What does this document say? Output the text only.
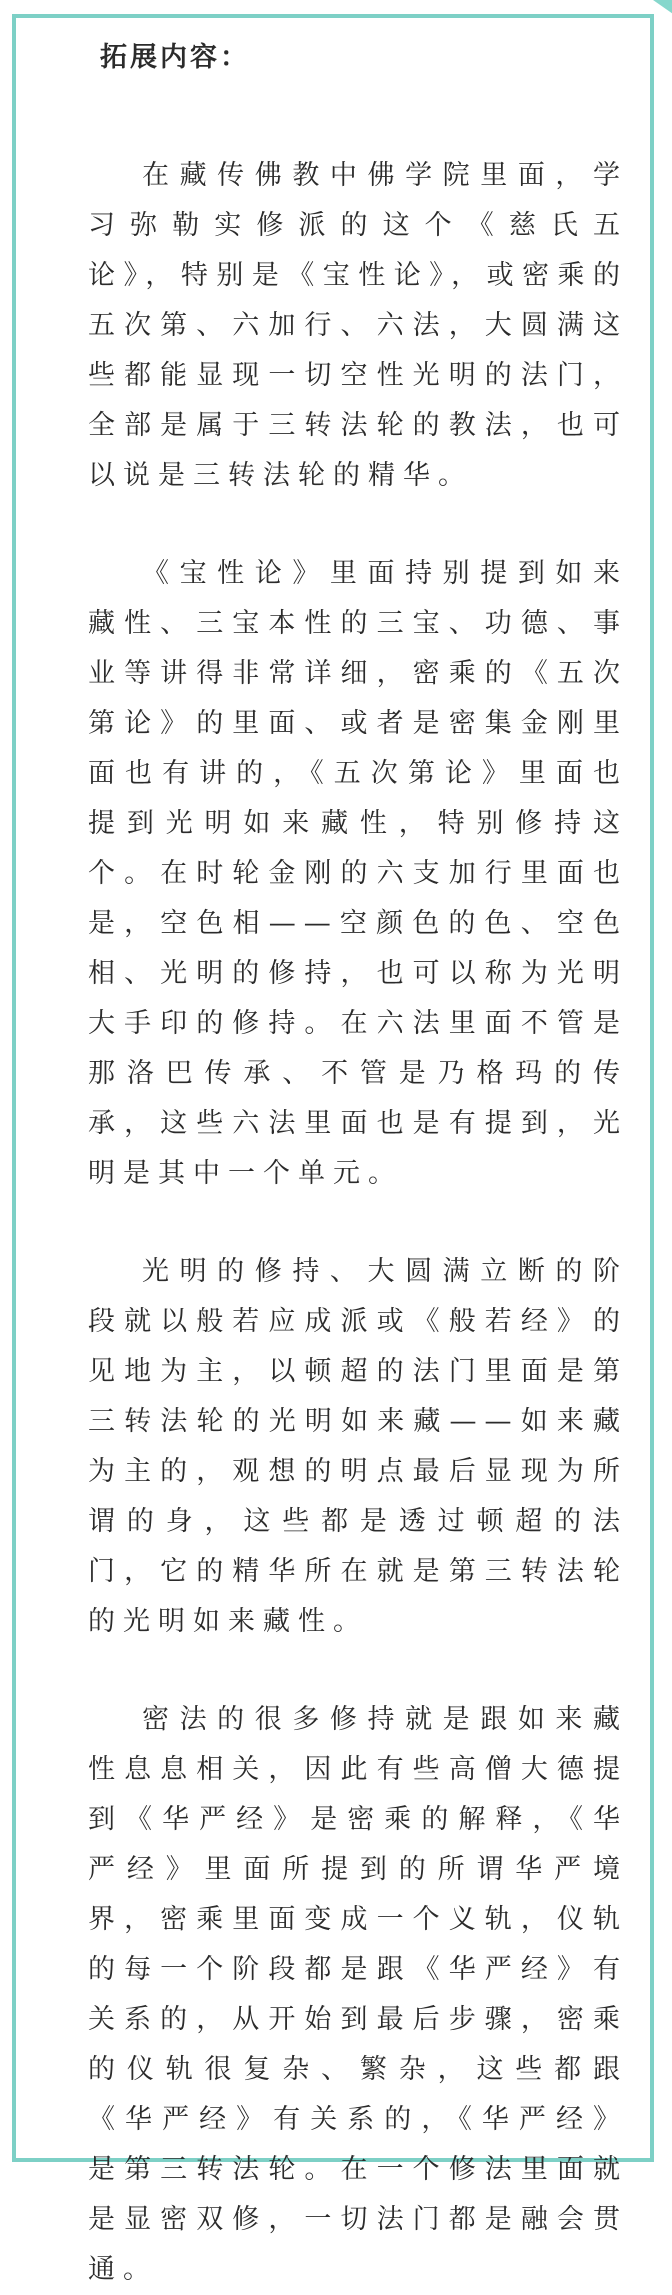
拓展内容：

在藏传佛教中佛学院里面，学习弥勒实修派的这个《慈氏五论》，特别是《宝性论》，或密乘的五次第、六加行、六法，大圆满这些都能显现一切空性光明的法门，全部是属于三转法轮的教法，也可以说是三转法轮的精华。

《宝性论》里面持别提到如来藏性、三宝本性的三宝、功德、事业等讲得非常详细，密乘的《五次第论》的里面、或者是密集金刚里面也有讲的，《五次第论》里面也提到光明如来藏性，特别修持这个。在时轮金刚的六支加行里面也是，空色相——空颜色的色、空色相、光明的修持，也可以称为光明大手印的修持。在六法里面不管是那洛巴传承、不管是乃格玛的传承，这些六法里面也是有提到，光明是其中一个单元。

光明的修持、大圆满立断的阶段就以般若应成派或《般若经》的见地为主，以顿超的法门里面是第三转法轮的光明如来藏——如来藏为主的，观想的明点最后显现为所谓的身，这些都是透过顿超的法门，它的精华所在就是第三转法轮的光明如来藏性。

密法的很多修持就是跟如来藏性息息相关，因此有些高僧大德提到《华严经》是密乘的解释，《华严经》里面所提到的所谓华严境界，密乘里面变成一个义轨，仪轨的每一个阶段都是跟《华严经》有关系的，从开始到最后步骤，密乘的仪轨很复杂、繁杂，这些都跟《华严经》有关系的，《华严经》是第三转法轮。在一个修法里面就是显密双修，一切法门都是融会贯通。
